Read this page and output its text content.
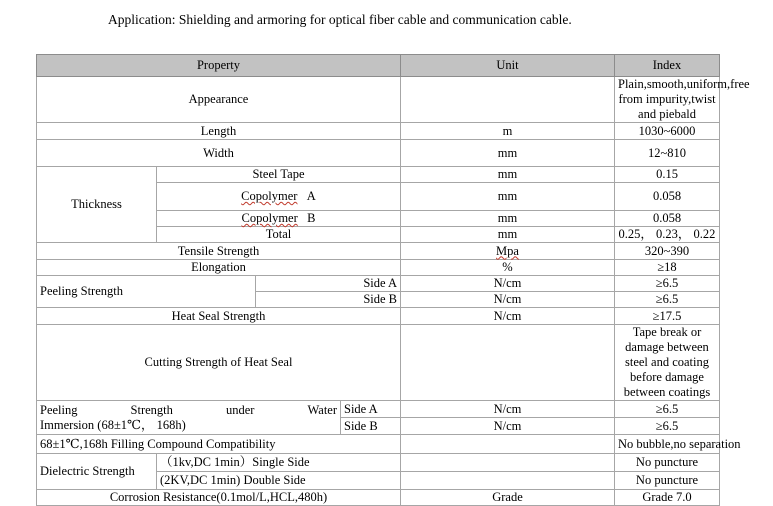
Application: Shielding and armoring for optical fiber cable and communication cable.
Property				Unit	Index	
Appearance					Plain,smooth,uniform,free from impurity,twist and piebald	
Length				m	1030~6000	
Width				mm	12~810	
Thickness	Steel Tape			mm	0.15	
	Copolymer A			mm	0.058	
	Copolymer B			mm	0.058	
	Total			mm	0.25， 0.23， 0.22	
Tensile Strength				Mpa	320~390	
Elongation				%	≥18	
Peeling Strength		Side A		N/cm	≥6.5	
		Side B		N/cm	≥6.5	
Heat Seal Strength				N/cm	≥17.5	
Cutting Strength of Heat Seal					Tape break or damage between steel and coating before damage between coatings	

Peeling Strength under Water
Immersion (68±1℃， 168h)			Side A	N/cm	≥6.5	
			Side B	N/cm	≥6.5	
68±1℃,168h Filling Compound Compatibility					No bubble,no separation	
Dielectric Strength	（1kv,DC 1min）Single Side				No puncture	
	(2KV,DC 1min) Double Side				No puncture	
Corrosion Resistance(0.1mol/L,HCL,480h)				Grade	Grade 7.0	
